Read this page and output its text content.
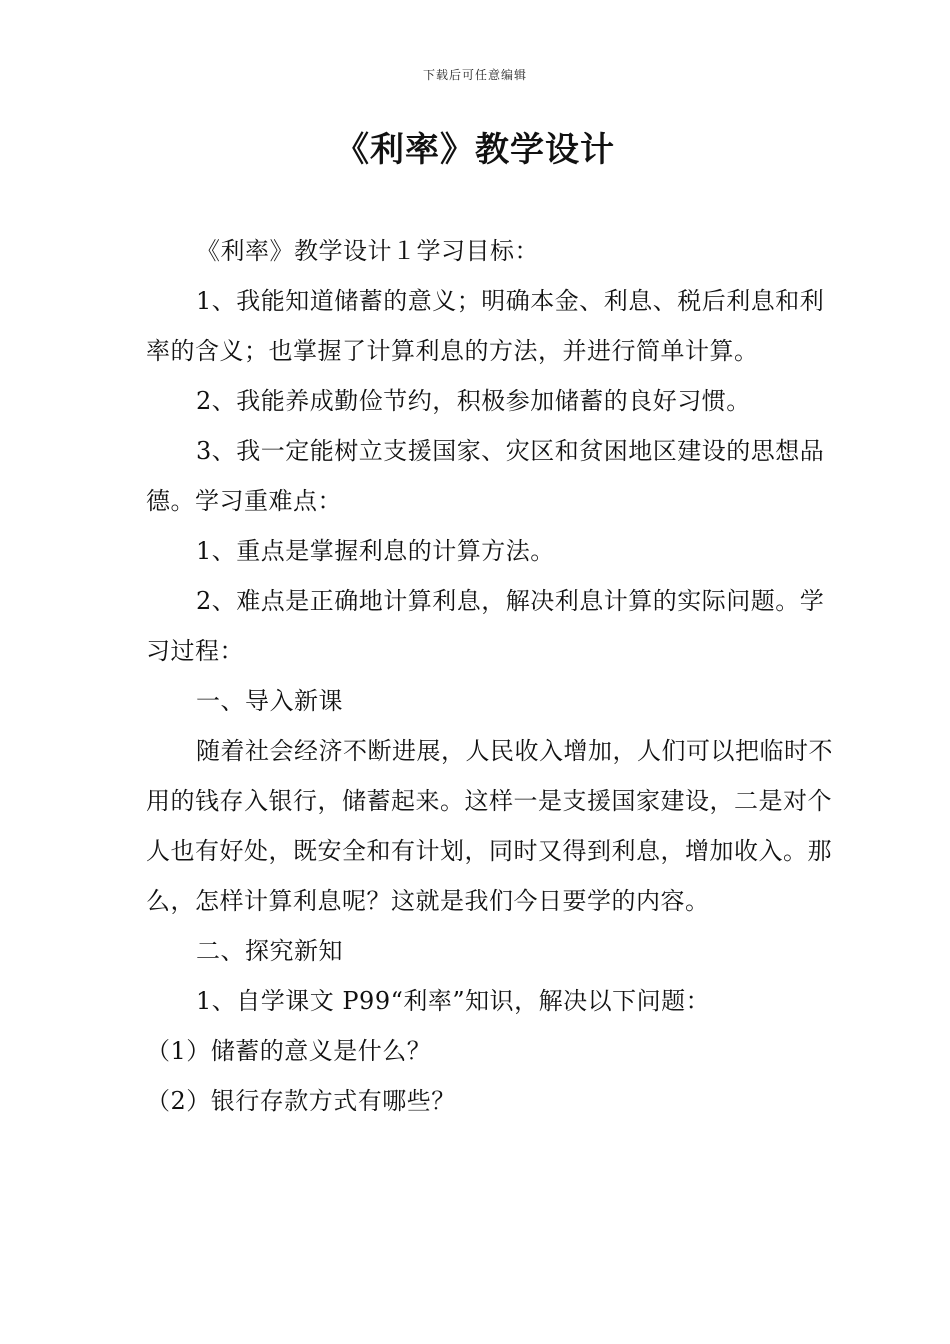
下载后可任意编辑
《利率》教学设计

《利率》教学设计１学习目标：

1、我能知道储蓄的意义；明确本金、利息、税后利息和利率的含义；也掌握了计算利息的方法，并进行简单计算。

2、我能养成勤俭节约，积极参加储蓄的良好习惯。

3、我一定能树立支援国家、灾区和贫困地区建设的思想品德。学习重难点：

1、重点是掌握利息的计算方法。

2、难点是正确地计算利息，解决利息计算的实际问题。学习过程：

一、导入新课

随着社会经济不断进展，人民收入增加，人们可以把临时不用的钱存入银行，储蓄起来。这样一是支援国家建设，二是对个人也有好处，既安全和有计划，同时又得到利息，增加收入。那么，怎样计算利息呢？这就是我们今日要学的内容。

二、探究新知

1、自学课文 P99“利率”知识，解决以下问题：

（1）储蓄的意义是什么？

（2）银行存款方式有哪些？
